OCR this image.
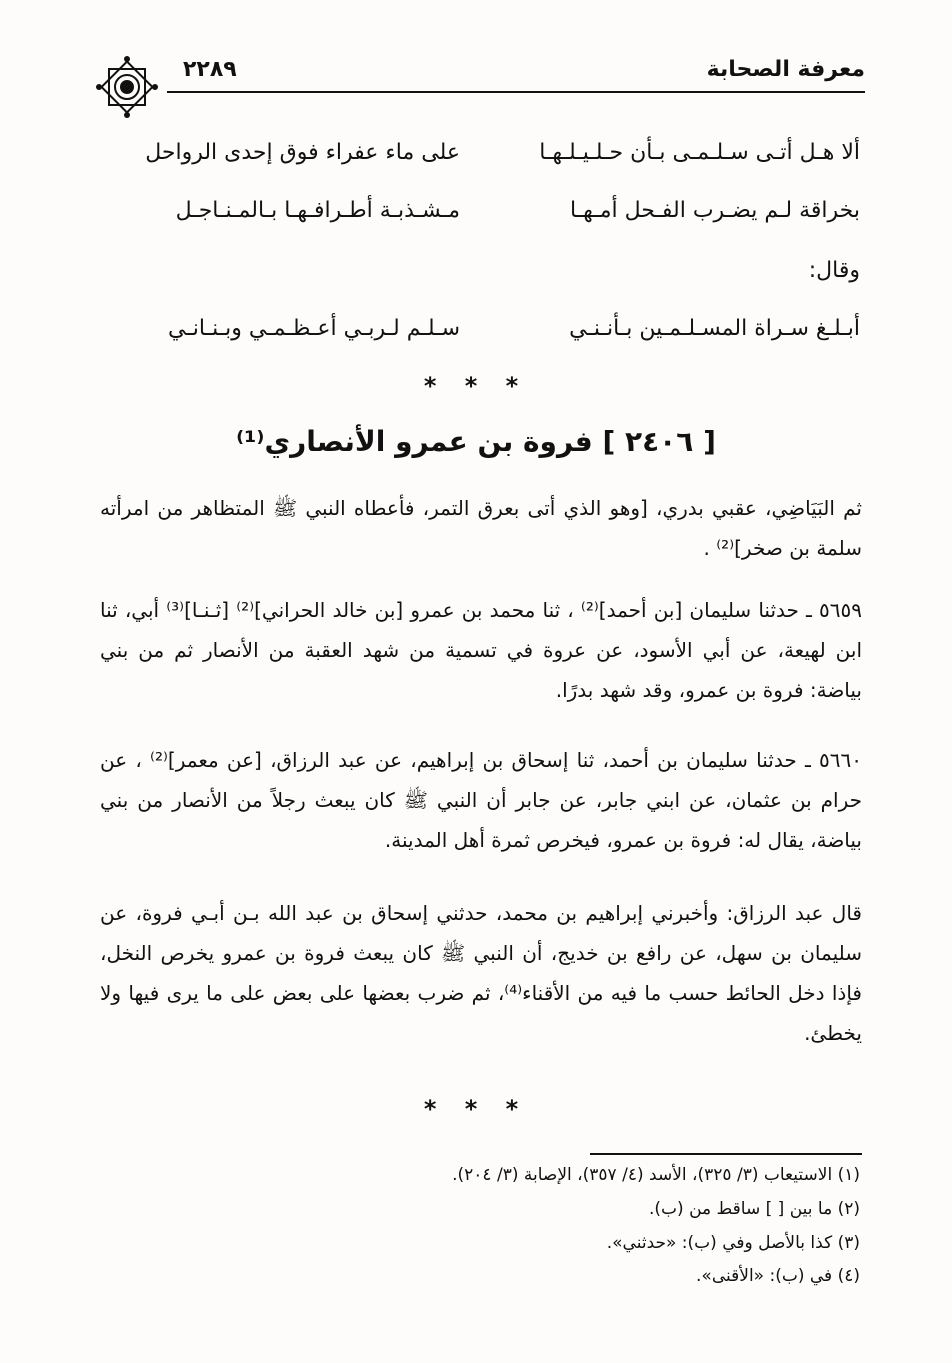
٢٢٨٩	معرفة الصحابة
ألا هـل أتـى سـلـمـى بـأن حـلـيـلـهـا
على ماء عفراء فوق إحدى الرواحل
بخراقة لـم يضـرب الفـحل أمـهـا
مـشـذبـة أطـرافـهـا بـالمـنـاجـل
وقال:
أبـلـغ سـراة المسـلـمـين بـأنـنـي
سـلـم لـربـي أعـظـمـي وبـنـانـي
* * *
[ ٢٤٠٦ ] فروة بن عمرو الأنصاري⁽¹⁾
ثم البَيَاضِي، عقبي بدري، [وهو الذي أتى بعرق التمر، فأعطاه النبي ﷺ المتظاهر من امرأته سلمة بن صخر]⁽²⁾ .
٥٦٥٩ ـ حدثنا سليمان [بن أحمد]⁽²⁾ ، ثنا محمد بن عمرو [بن خالد الحراني]⁽²⁾ [ثـنـا]⁽³⁾ أبي، ثنا ابن لهيعة، عن أبي الأسود، عن عروة في تسمية من شهد العقبة من الأنصار ثم من بني بياضة: فروة بن عمرو، وقد شهد بدرًا.
٥٦٦٠ ـ حدثنا سليمان بن أحمد، ثنا إسحاق بن إبراهيم، عن عبد الرزاق، [عن معمر]⁽²⁾ ، عن حرام بن عثمان، عن ابني جابر، عن جابر أن النبي ﷺ كان يبعث رجلاً من الأنصار من بني بياضة، يقال له: فروة بن عمرو، فيخرص ثمرة أهل المدينة.
قال عبد الرزاق: وأخبرني إبراهيم بن محمد، حدثني إسحاق بن عبد الله بـن أبـي فروة، عن سليمان بن سهل، عن رافع بن خديج، أن النبي ﷺ كان يبعث فروة بن عمرو يخرص النخل، فإذا دخل الحائط حسب ما فيه من الأقناء⁽⁴⁾، ثم ضرب بعضها على بعض على ما يرى فيها ولا يخطئ.
* * *
(١) الاستيعاب (٣/ ٣٢٥)، الأسد (٤/ ٣٥٧)، الإصابة (٣/ ٢٠٤).
(٢) ما بين [ ] ساقط من (ب).
(٣) كذا بالأصل وفي (ب): «حدثني».
(٤) في (ب): «الأقنى».
